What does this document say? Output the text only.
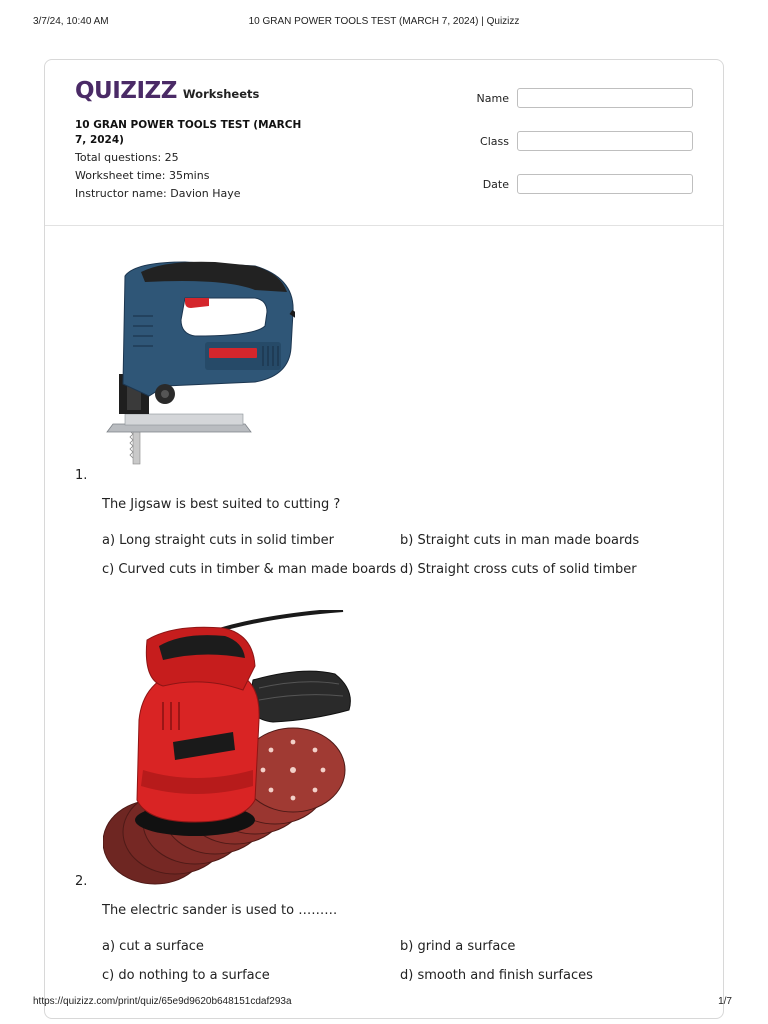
3/7/24, 10:40 AM	10 GRAN POWER TOOLS TEST (MARCH 7, 2024) | Quizizz
QUIZIZZ Worksheets
10 GRAN POWER TOOLS TEST (MARCH 7, 2024)
Total questions: 25
Worksheet time: 35mins
Instructor name: Davion Haye
Name
Class
Date
1.
The Jigsaw is best suited to cutting ?
a) Long straight cuts in solid timber	b) Straight cuts in man made boards
c) Curved cuts in timber & man made boards d) Straight cross cuts of solid timber
2.
The electric sander is used to ………
a) cut a surface	b) grind a surface
c) do nothing to a surface	d) smooth and finish surfaces
https://quizizz.com/print/quiz/65e9d9620b648151cdaf293a	1/7
